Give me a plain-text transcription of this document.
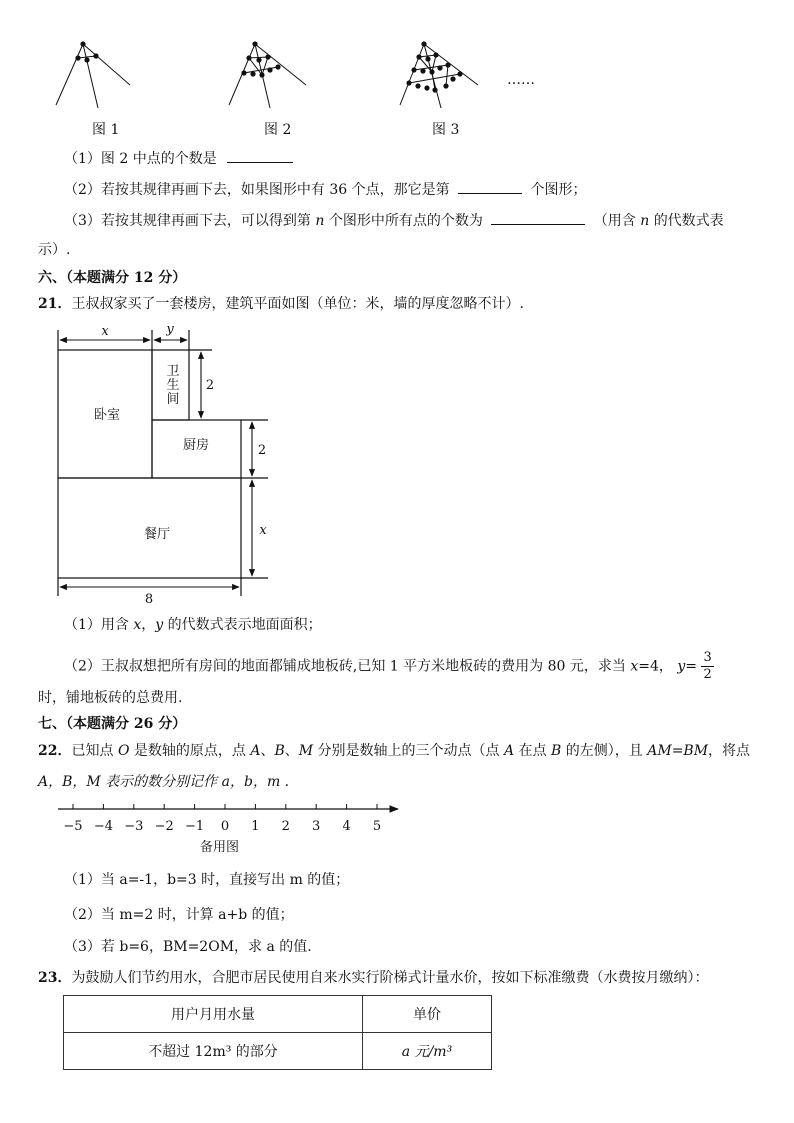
……
图 1	图 2	图 3
（1）图 2 中点的个数是
（2）若按其规律再画下去，如果图形中有 36 个点，那它是第	个图形；
（3）若按其规律再画下去，可以得到第 n 个图形中所有点的个数为	（用含 n 的代数式表
示）.
六、（本题满分 12 分）
21．王叔叔家买了一套楼房，建筑平面如图（单位：米，墙的厚度忽略不计）.
x	y
2
2
x
8
卧室
卫
生
间
厨房
餐厅
（1）用含 x，y 的代数式表示地面面积；
（2）王叔叔想把所有房间的地面都铺成地板砖,已知 1 平方米地板砖的费用为 80 元，求当 x=4， $y= \frac{3}{2}$
时，铺地板砖的总费用.
七、（本题满分 26 分）
22．已知点 O 是数轴的原点，点 A、B、M 分别是数轴上的三个动点（点 A 在点 B 的左侧），且 AM=BM，将点
A，B，M 表示的数分别记作 a，b，m .
−5 −4 −3 −2 −1 0 1 2 3 4 5
备用图
（1）当 a=-1，b=3 时，直接写出 m 的值；
（2）当 m=2 时，计算 a+b 的值；
（3）若 b=6，BM=2OM，求 a 的值.
23．为鼓励人们节约用水，合肥市居民使用自来水实行阶梯式计量水价，按如下标准缴费（水费按月缴纳）：
用户月用水量	单价
不超过 12m³ 的部分	a 元/m³
